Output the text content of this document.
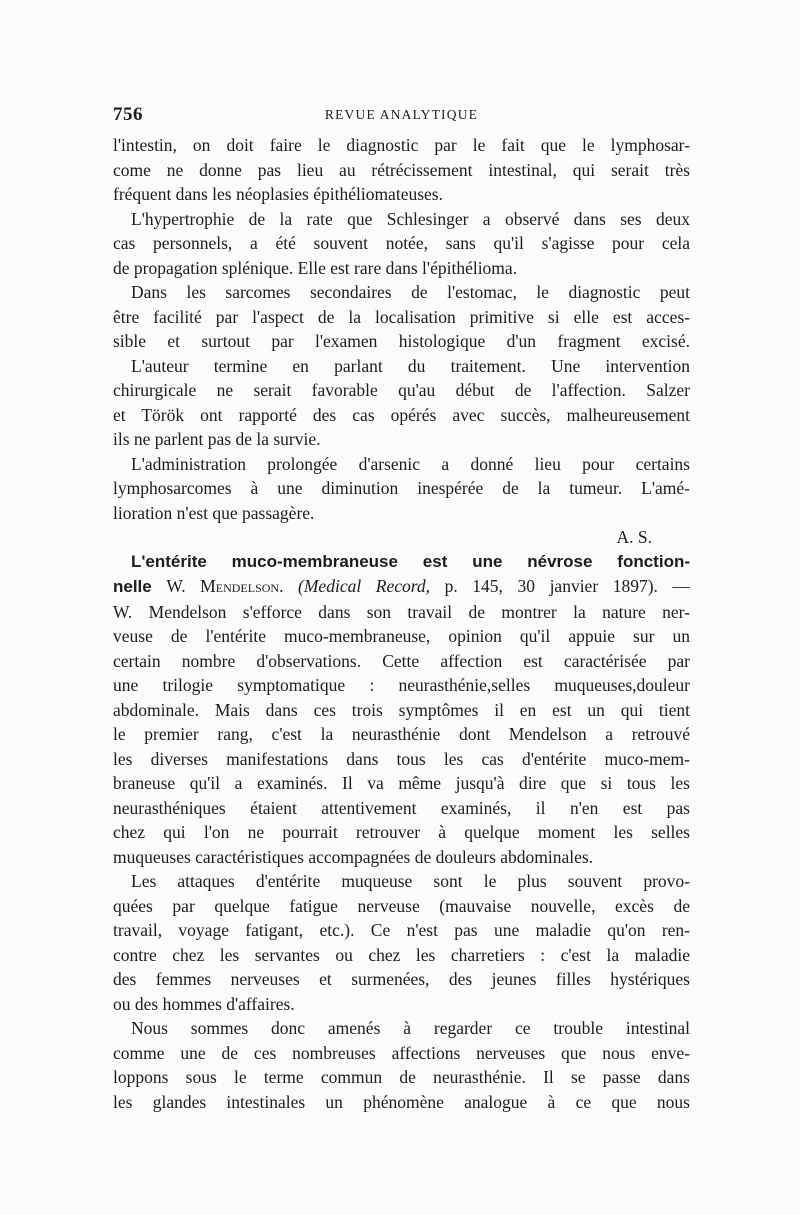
756	REVUE ANALYTIQUE
l'intestin, on doit faire le diagnostic par le fait que le lymphosar-
come ne donne pas lieu au rétrécissement intestinal, qui serait très
fréquent dans les néoplasies épithéliomateuses.
L'hypertrophie de la rate que Schlesinger a observé dans ses deux
cas personnels, a été souvent notée, sans qu'il s'agisse pour cela
de propagation splénique. Elle est rare dans l'épithélioma.
Dans les sarcomes secondaires de l'estomac, le diagnostic peut
être facilité par l'aspect de la localisation primitive si elle est acces-
sible et surtout par l'examen histologique d'un fragment excisé.
L'auteur termine en parlant du traitement. Une intervention
chirurgicale ne serait favorable qu'au début de l'affection. Salzer
et Török ont rapporté des cas opérés avec succès, malheureusement
ils ne parlent pas de la survie.
L'administration prolongée d'arsenic a donné lieu pour certains
lymphosarcomes à une diminution inespérée de la tumeur. L'amé-
lioration n'est que passagère.
A. S.
L'entérite muco-membraneuse est une névrose fonction-
nelle W. Mendelson. (Medical Record, p. 145, 30 janvier 1897). —
W. Mendelson s'efforce dans son travail de montrer la nature ner-
veuse de l'entérite muco-membraneuse, opinion qu'il appuie sur un
certain nombre d'observations. Cette affection est caractérisée par
une trilogie symptomatique : neurasthénie,selles muqueuses,douleur
abdominale. Mais dans ces trois symptômes il en est un qui tient
le premier rang, c'est la neurasthénie dont Mendelson a retrouvé
les diverses manifestations dans tous les cas d'entérite muco-mem-
braneuse qu'il a examinés. Il va même jusqu'à dire que si tous les
neurasthéniques étaient attentivement examinés, il n'en est pas
chez qui l'on ne pourrait retrouver à quelque moment les selles
muqueuses caractéristiques accompagnées de douleurs abdominales.
Les attaques d'entérite muqueuse sont le plus souvent provo-
quées par quelque fatigue nerveuse (mauvaise nouvelle, excès de
travail, voyage fatigant, etc.). Ce n'est pas une maladie qu'on ren-
contre chez les servantes ou chez les charretiers : c'est la maladie
des femmes nerveuses et surmenées, des jeunes filles hystériques
ou des hommes d'affaires.
Nous sommes donc amenés à regarder ce trouble intestinal
comme une de ces nombreuses affections nerveuses que nous enve-
loppons sous le terme commun de neurasthénie. Il se passe dans
les glandes intestinales un phénomène analogue à ce que nous
